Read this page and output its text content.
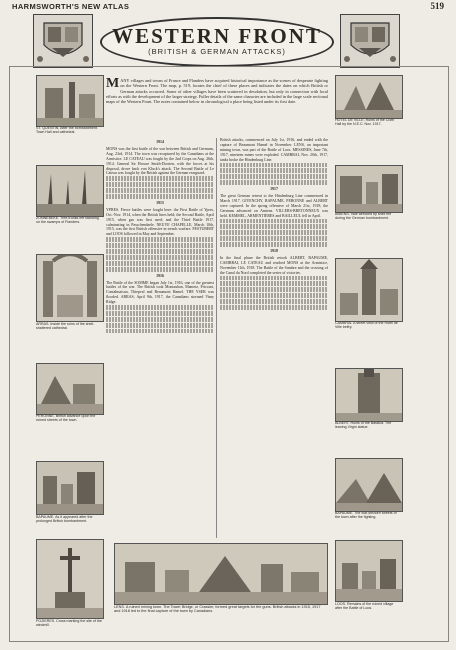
HARMSWORTH'S NEW ATLAS	519
WESTERN FRONT
(BRITISH & GERMAN ATTACKS)
ST. QUENTIN. After the bombardment. Town Hall and cathedral.
ZONNEBEKE. Tree-trunks left standing on the swamps of Flanders.
ARRAS. Inside the ruins of the shell-shattered cathedral.
PERONNE. British advance upon the ruined streets of the town.
BAPAUME. As it appeared after the prolonged British bombardment.
POZIERES. Cross marking the site of the windmill.
HOTEL DE VILLE. Ruins of the Cloth Hall by the N.E.C. Nov. 1917.
AMIENS. Vale wrecked by shell fire during the German bombardment.
CAMBRAI. A street view of the Hotel de Ville belfry.
ALBERT. Ruins of the Basilica. The leaning Virgin statue.
BAPAUME. The war-stricken streets of the town after the fighting.
LOOS. Remains of the ruined village after the Battle of Loos.
LENS. A ruined mining town. The Tower Bridge, or Crassier, formed great targets for the guns. British attacks in 1915, 1917 and 1918 led to the final capture of the town by Canadians.
M ANY villages and towns of France and Flanders have acquired historical importance as the scenes of desperate fighting on the Western Front. The map, p. 519, locates the chief of these places and indicates the dates on which British or German attacks occurred. Some of other villages have been scattered in desolation, but only in connection with local efforts as with the development of the larger strategy. Fuller details of the same character are included in the large scale sectional maps of the Western Front. The notes contained below in chronological a place being listed under its first date.
1914
MONS was the first battle of the war between British and Germans, Aug. 23rd, 1914. The town was recaptured by the Canadians at the Armistice. LE CATEAU was fought by the 2nd Corps on Aug. 26th, 1914. General Sir Horace Smith-Dorrien, with the forces at his disposal, drove back von Kluck's attack. The Second Battle of Le Cateau was fought by the British against the German rearguard.
1915
YPRES. Fierce battles were fought here: the First Battle of Ypres, Oct.-Nov. 1914, when the British lines held; the Second Battle, April 1915, when gas was first used; and the Third Battle 1917, culminating in Passchendaele. NEUVE CHAPELLE, March 10th, 1915, was the first British offensive in trench warfare. FESTUBERT and LOOS followed in May and September.
1916
The Battle of the SOMME began July 1st, 1916, one of the greatest battles of the war. The British took Montauban, Mametz, Fricourt, Contalmaison, Thiepval and Beaumont Hamel. THE YSER was flooded. ARRAS, April 9th, 1917, the Canadians stormed Vimy Ridge.
British attacks, commenced on July 1st, 1916, and ended with the capture of Beaumont Hamel in November. LENS, an important mining town, was part of the Battle of Loos. MESSINES, June 7th, 1917, nineteen mines were exploded. CAMBRAI, Nov. 20th, 1917, tanks broke the Hindenburg Line.
1917
The great German retreat to the Hindenburg Line commenced in March 1917. GIVENCHY, BAPAUME, PERONNE and ALBERT were captured. In the spring offensive of March 21st, 1918, the Germans advanced on Amiens. VILLERS-BRETONNEUX was held. KEMMEL, ARMENTIERES and BAILLEUL fell in April.
1918
In the final phase the British retook ALBERT, BAPAUME, CAMBRAI, LE CATEAU and reached MONS at the Armistice, November 11th, 1918. The Battle of the Sambre and the crossing of the Canal du Nord completed the series of victories.
